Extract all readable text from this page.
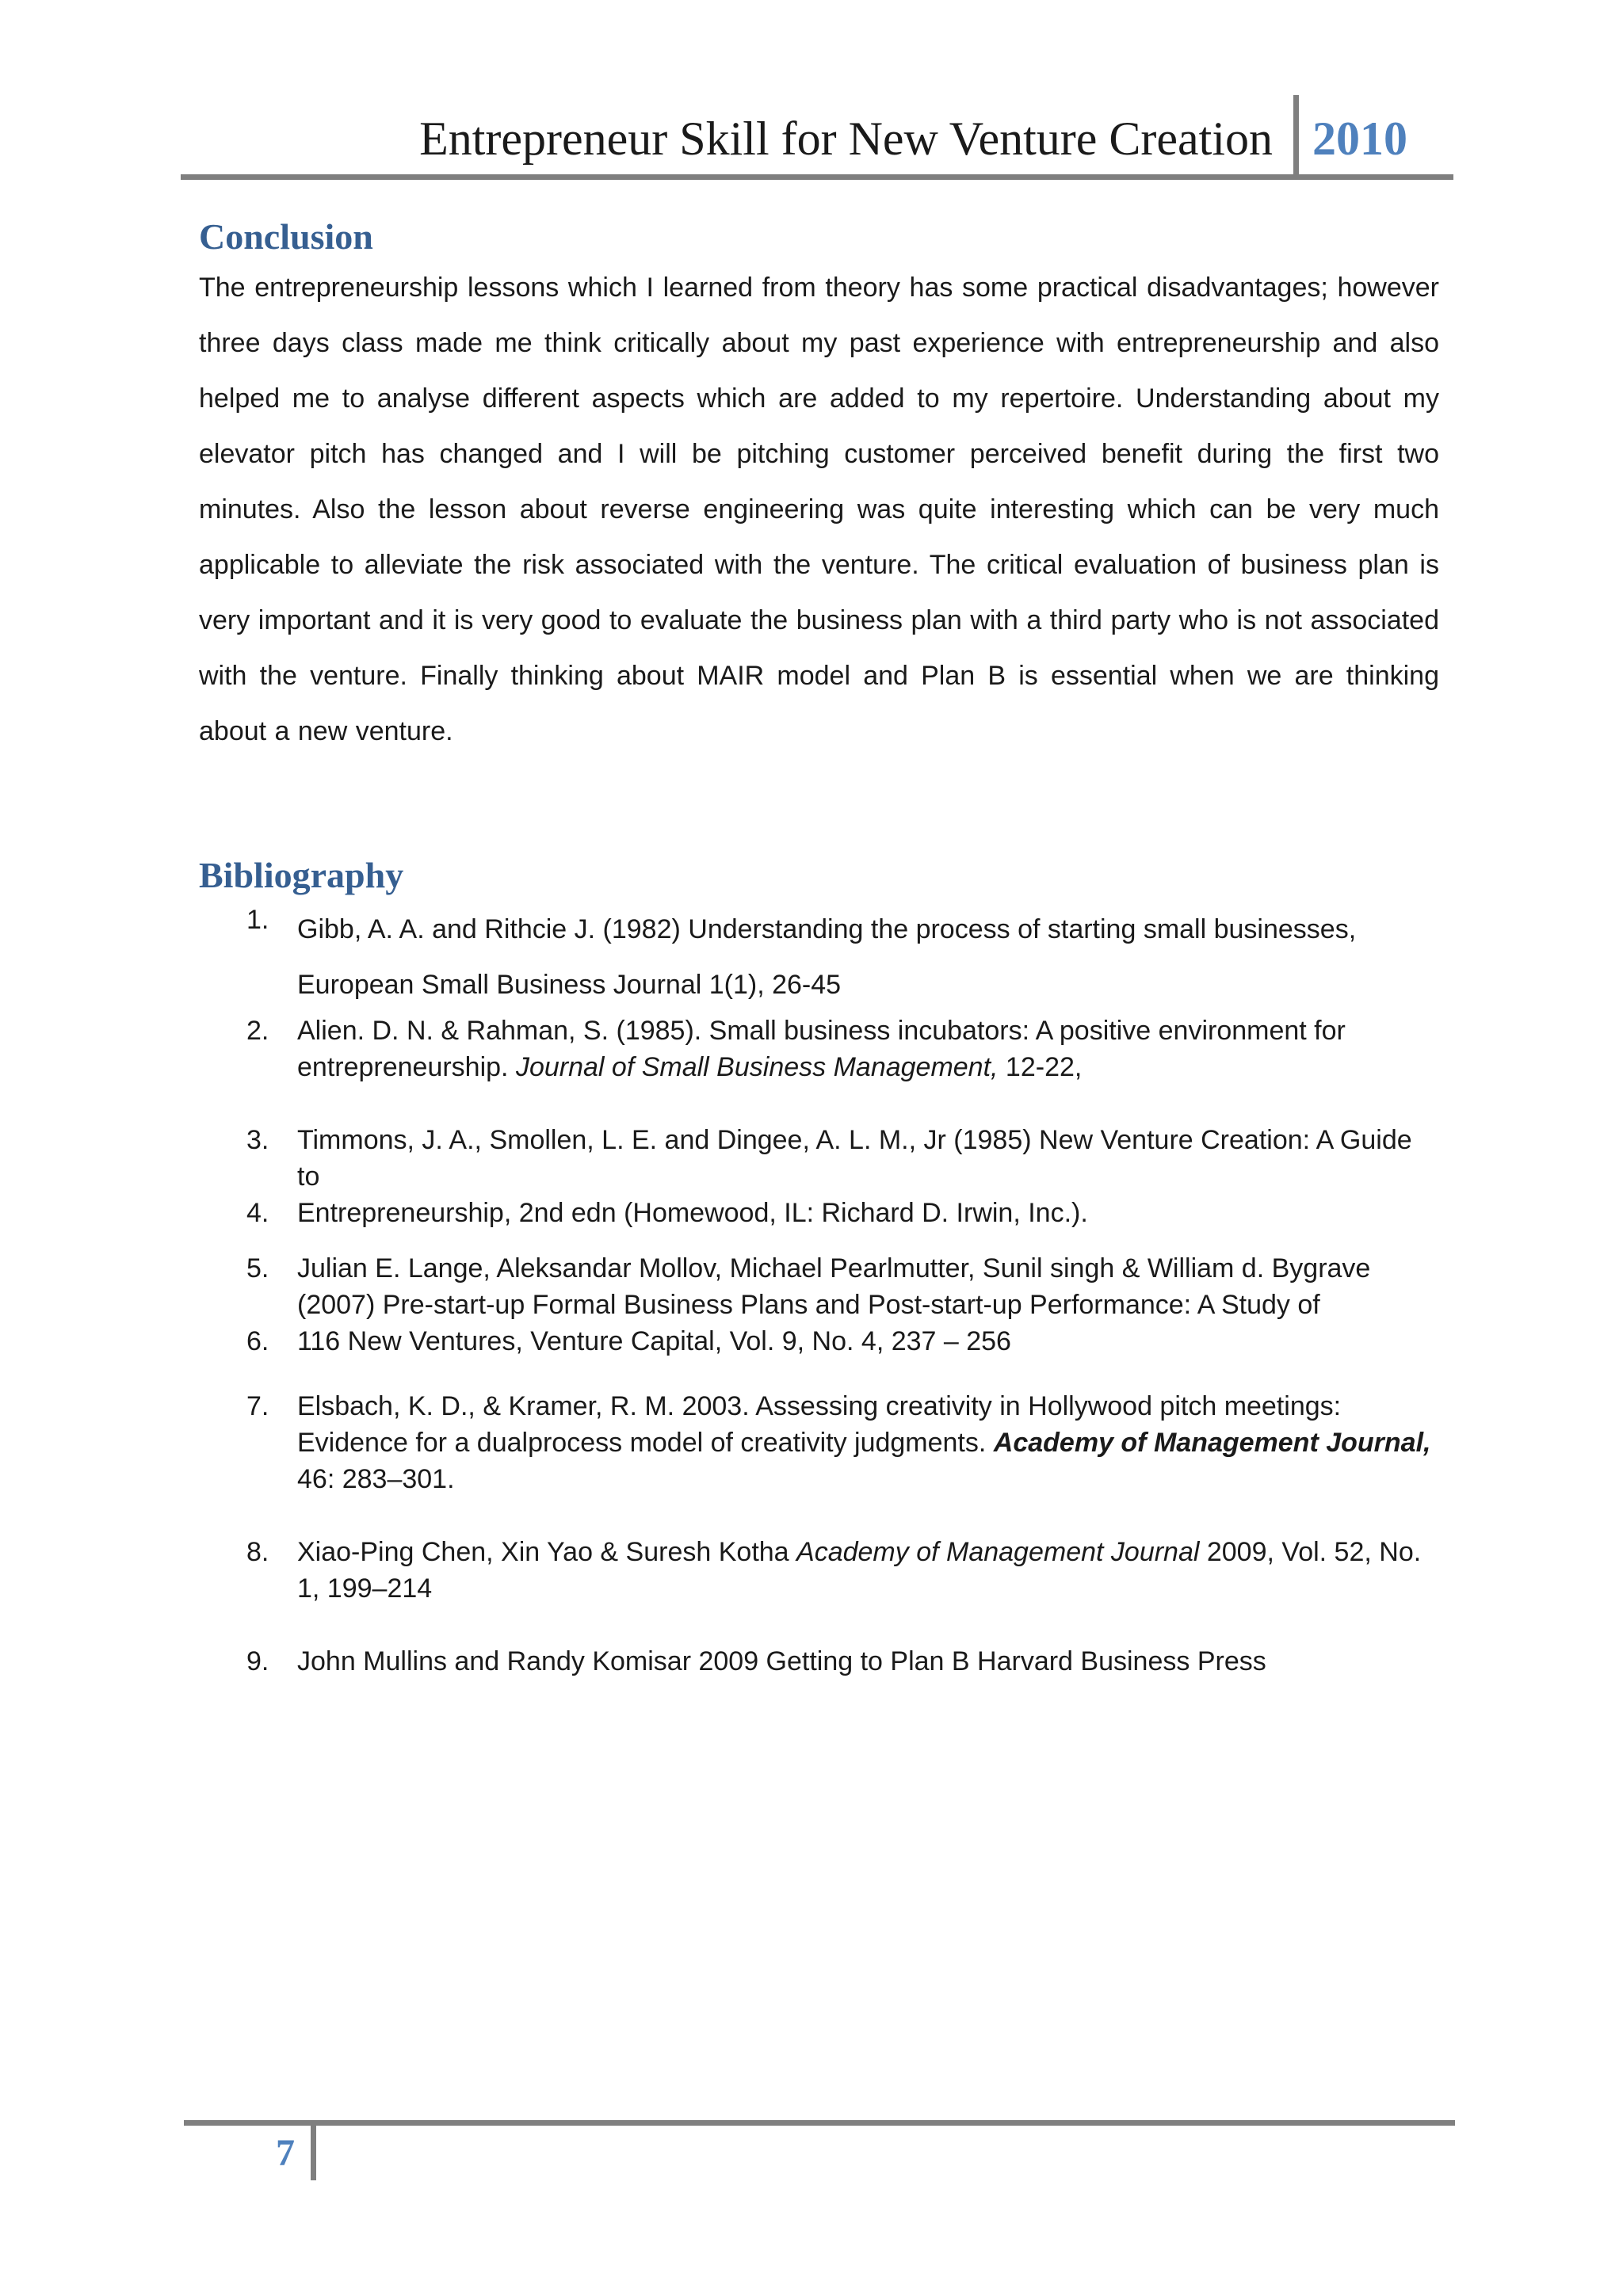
Entrepreneur Skill for New Venture Creation 2010
Conclusion

The entrepreneurship lessons which I learned from theory has some practical disadvantages; however three days class made me think critically about my past experience with entrepreneurship and also helped me to analyse different aspects which are added to my repertoire. Understanding about my elevator pitch has changed and I will be pitching customer perceived benefit during the first two minutes. Also the lesson about reverse engineering was quite interesting which can be very much applicable to alleviate the risk associated with the venture. The critical evaluation of business plan is very important and it is very good to evaluate the business plan with a third party who is not associated with the venture. Finally thinking about MAIR model and Plan B is essential when we are thinking about a new venture.

Bibliography
1. Gibb, A. A. and Rithcie J. (1982) Understanding the process of starting small businesses,
European Small Business Journal 1(1), 26-45
2. Alien. D. N. & Rahman, S. (1985). Small business incubators: A positive environment for entrepreneurship. Journal of Small Business Management, 12-22,
3. Timmons, J. A., Smollen, L. E. and Dingee, A. L. M., Jr (1985) New Venture Creation: A Guide to
4. Entrepreneurship, 2nd edn (Homewood, IL: Richard D. Irwin, Inc.).
5. Julian E. Lange, Aleksandar Mollov, Michael Pearlmutter, Sunil singh & William d. Bygrave (2007) Pre-start-up Formal Business Plans and Post-start-up Performance: A Study of
6. 116 New Ventures, Venture Capital, Vol. 9, No. 4, 237 – 256
7. Elsbach, K. D., & Kramer, R. M. 2003. Assessing creativity in Hollywood pitch meetings: Evidence for a dualprocess model of creativity judgments. Academy of Management Journal, 46: 283–301.
8. Xiao-Ping Chen, Xin Yao & Suresh Kotha Academy of Management Journal 2009, Vol. 52, No. 1, 199–214
9. John Mullins and Randy Komisar 2009 Getting to Plan B Harvard Business Press
7
